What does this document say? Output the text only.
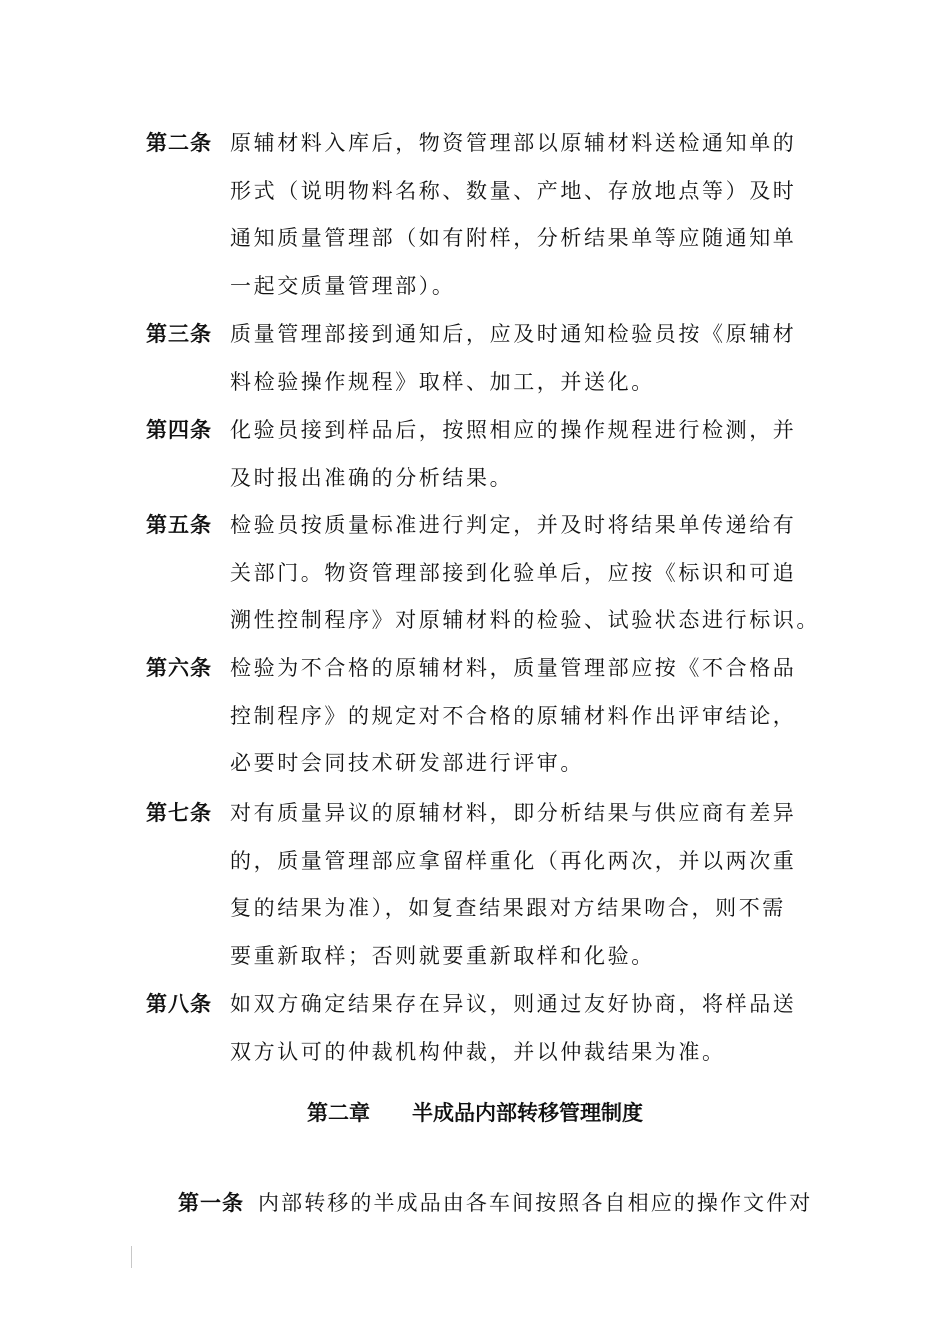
第二条 原辅材料入库后，物资管理部以原辅材料送检通知单的
形式（说明物料名称、数量、产地、存放地点等）及时
通知质量管理部（如有附样，分析结果单等应随通知单
一起交质量管理部）。
第三条 质量管理部接到通知后，应及时通知检验员按《原辅材
料检验操作规程》取样、加工，并送化。
第四条 化验员接到样品后，按照相应的操作规程进行检测，并
及时报出准确的分析结果。
第五条 检验员按质量标准进行判定，并及时将结果单传递给有
关部门。物资管理部接到化验单后，应按《标识和可追
溯性控制程序》对原辅材料的检验、试验状态进行标识。
第六条 检验为不合格的原辅材料，质量管理部应按《不合格品
控制程序》的规定对不合格的原辅材料作出评审结论，
必要时会同技术研发部进行评审。
第七条 对有质量异议的原辅材料，即分析结果与供应商有差异
的，质量管理部应拿留样重化（再化两次，并以两次重
复的结果为准），如复查结果跟对方结果吻合，则不需
要重新取样；否则就要重新取样和化验。
第八条 如双方确定结果存在异议，则通过友好协商，将样品送
双方认可的仲裁机构仲裁，并以仲裁结果为准。
第二章　　半成品内部转移管理制度
第一条 内部转移的半成品由各车间按照各自相应的操作文件对
